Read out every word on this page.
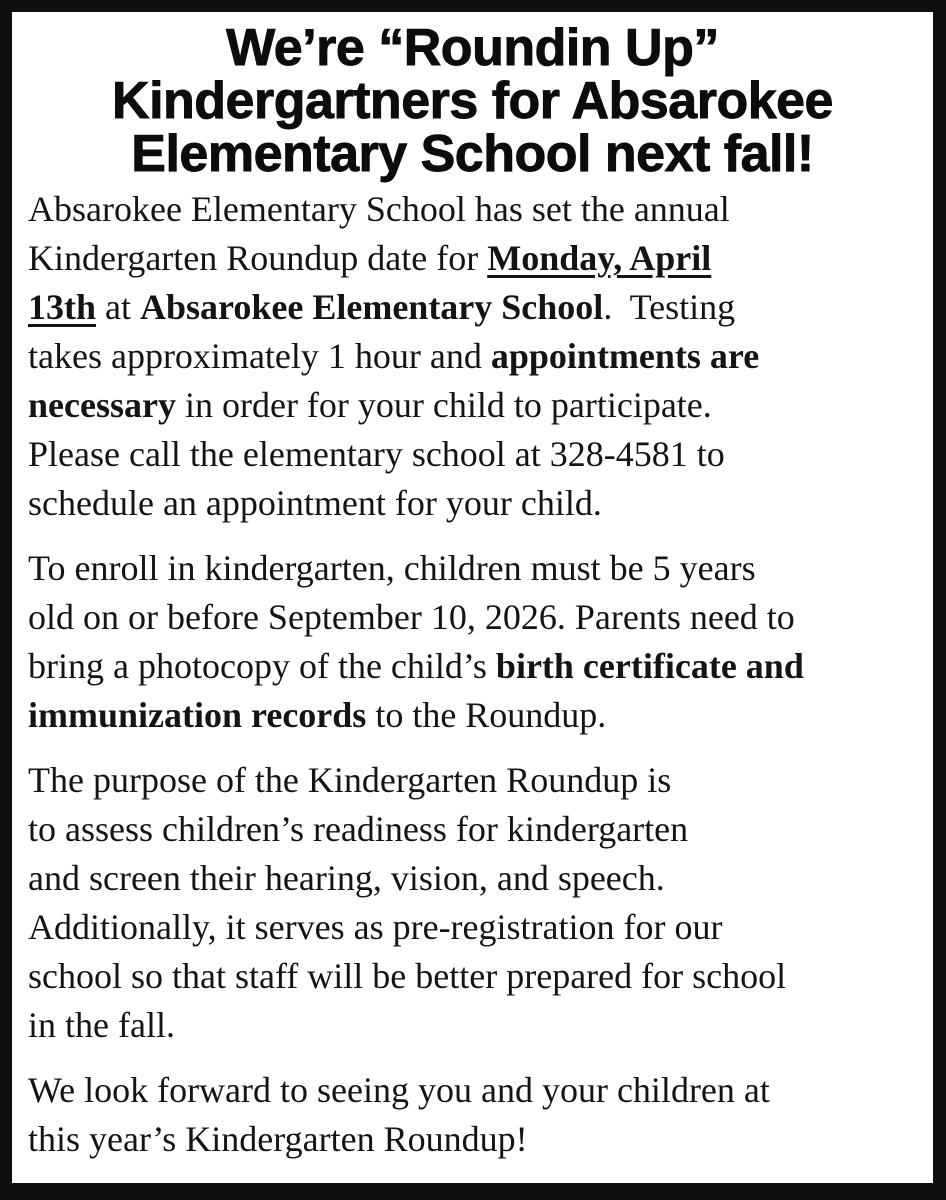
We’re “Roundin Up”
Kindergartners for Absarokee
Elementary School next fall!
Absarokee Elementary School has set the annual
Kindergarten Roundup date for Monday, April
13th at Absarokee Elementary School.  Testing
takes approximately 1 hour and appointments are
necessary in order for your child to participate.
Please call the elementary school at 328-4581 to
schedule an appointment for your child.
To enroll in kindergarten, children must be 5 years
old on or before September 10, 2026. Parents need to
bring a photocopy of the child’s birth certificate and
immunization records to the Roundup.
The purpose of the Kindergarten Roundup is
to assess children’s readiness for kindergarten
and screen their hearing, vision, and speech.
Additionally, it serves as pre-registration for our
school so that staff will be better prepared for school
in the fall.
We look forward to seeing you and your children at
this year’s Kindergarten Roundup!
